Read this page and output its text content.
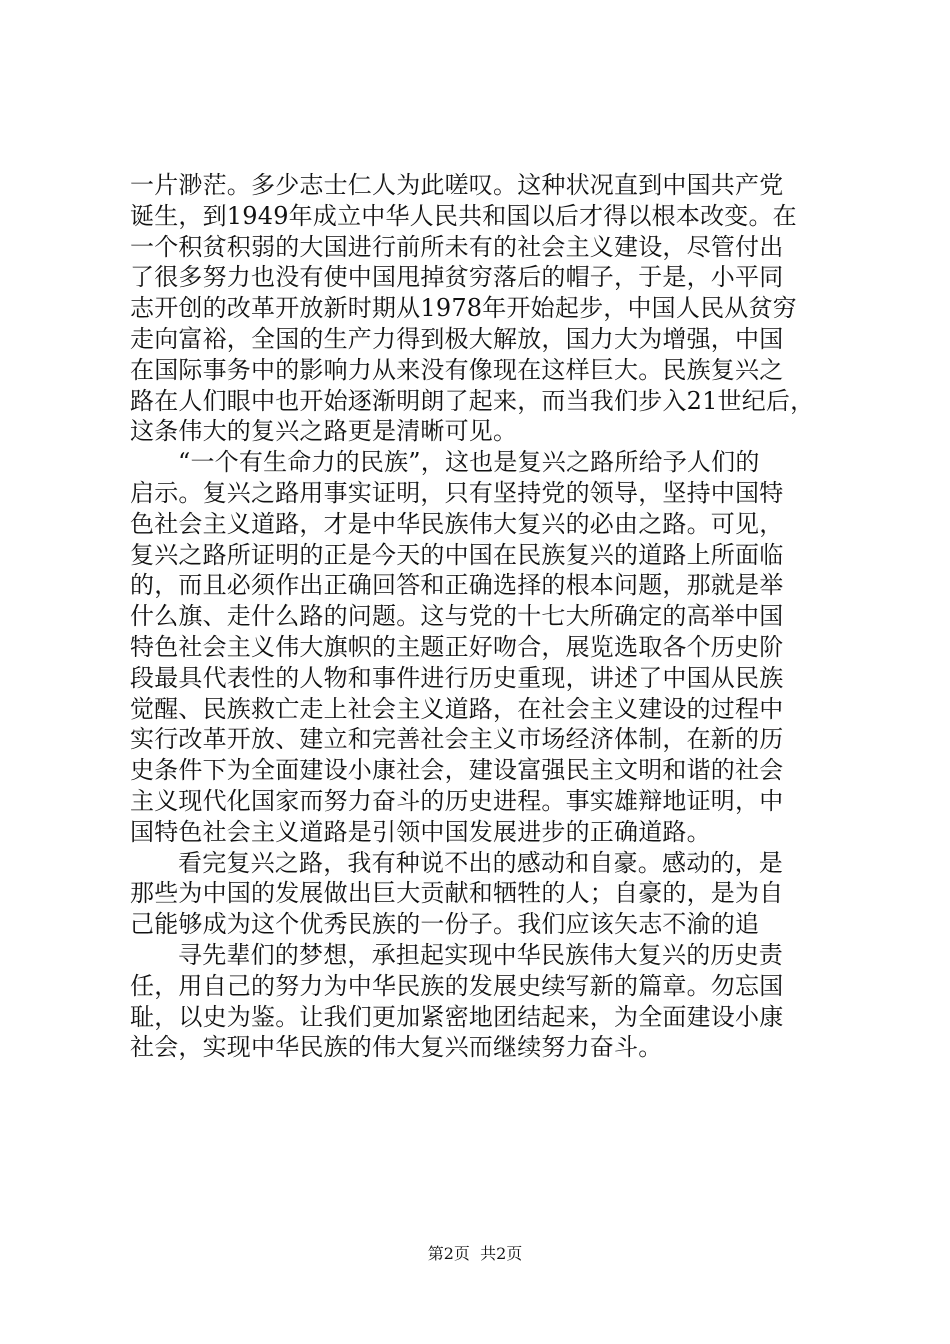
一片渺茫。多少志士仁人为此嗟叹。这种状况直到中国共产党
诞生，到1949年成立中华人民共和国以后才得以根本改变。在
一个积贫积弱的大国进行前所未有的社会主义建设，尽管付出
了很多努力也没有使中国甩掉贫穷落后的帽子，于是，小平同
志开创的改革开放新时期从1978年开始起步，中国人民从贫穷
走向富裕，全国的生产力得到极大解放，国力大为增强，中国
在国际事务中的影响力从来没有像现在这样巨大。民族复兴之
路在人们眼中也开始逐渐明朗了起来，而当我们步入21世纪后，
这条伟大的复兴之路更是清晰可见。
“一个有生命力的民族”，这也是复兴之路所给予人们的
启示。复兴之路用事实证明，只有坚持党的领导，坚持中国特
色社会主义道路，才是中华民族伟大复兴的必由之路。可见，
复兴之路所证明的正是今天的中国在民族复兴的道路上所面临
的，而且必须作出正确回答和正确选择的根本问题，那就是举
什么旗、走什么路的问题。这与党的十七大所确定的高举中国
特色社会主义伟大旗帜的主题正好吻合，展览选取各个历史阶
段最具代表性的人物和事件进行历史重现，讲述了中国从民族
觉醒、民族救亡走上社会主义道路，在社会主义建设的过程中
实行改革开放、建立和完善社会主义市场经济体制，在新的历
史条件下为全面建设小康社会，建设富强民主文明和谐的社会
主义现代化国家而努力奋斗的历史进程。事实雄辩地证明，中
国特色社会主义道路是引领中国发展进步的正确道路。
看完复兴之路，我有种说不出的感动和自豪。感动的，是
那些为中国的发展做出巨大贡献和牺牲的人；自豪的，是为自
己能够成为这个优秀民族的一份子。我们应该矢志不渝的追
寻先辈们的梦想，承担起实现中华民族伟大复兴的历史责
任，用自己的努力为中华民族的发展史续写新的篇章。勿忘国
耻，以史为鉴。让我们更加紧密地团结起来，为全面建设小康
社会，实现中华民族的伟大复兴而继续努力奋斗。
第2页  共2页
